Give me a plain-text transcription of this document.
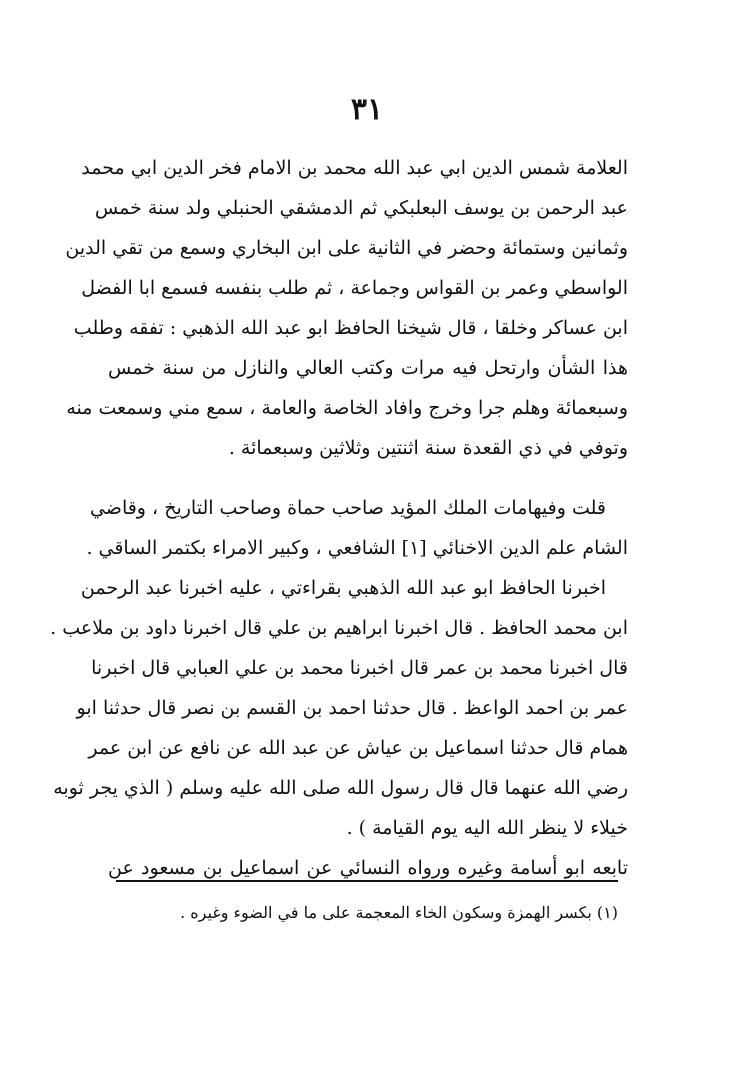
٣١
العلامة شمس الدين ابي عبد الله محمد بن الامام فخر الدين ابي محمد
عبد الرحمن بن يوسف البعلبكي ثم الدمشقي الحنبلي ولد سنة خمس
وثمانين وستمائة وحضر في الثانية على ابن البخاري وسمع من تقي الدين
الواسطي وعمر بن القواس وجماعة ، ثم طلب بنفسه فسمع ابا الفضل
ابن عساكر وخلقا ، قال شيخنا الحافظ ابو عبد الله الذهبي : تفقه وطلب
هذا الشأن وارتحل فيه مرات وكتب العالي والنازل من سنة خمس
وسبعمائة وهلم جرا وخرج وافاد الخاصة والعامة ، سمع مني وسمعت منه
وتوفي في ذي القعدة سنة اثنتين وثلاثين وسبعمائة .
قلت وفيهامات الملك المؤيد صاحب حماة وصاحب التاريخ ، وقاضي
الشام علم الدين الاخنائي [١] الشافعي ، وكبير الامراء بكتمر الساقي .
اخبرنا الحافظ ابو عبد الله الذهبي بقراءتي ، عليه اخبرنا عبد الرحمن
ابن محمد الحافظ . قال اخبرنا ابراهيم بن علي قال اخبرنا داود بن ملاعب .
قال اخبرنا محمد بن عمر قال اخبرنا محمد بن علي العبابي قال اخبرنا
عمر بن احمد الواعظ . قال حدثنا احمد بن القسم بن نصر قال حدثنا ابو
همام قال حدثنا اسماعيل بن عياش عن عبد الله عن نافع عن ابن عمر
رضي الله عنهما قال قال رسول الله صلى الله عليه وسلم ( الذي يجر ثوبه
خيلاء لا ينظر الله اليه يوم القيامة ) .
تابعه ابو أسامة وغيره ورواه النسائي عن اسماعيل بن مسعود عن
(١) بكسر الهمزة وسكون الخاء المعجمة على ما في الضوء وغيره .
